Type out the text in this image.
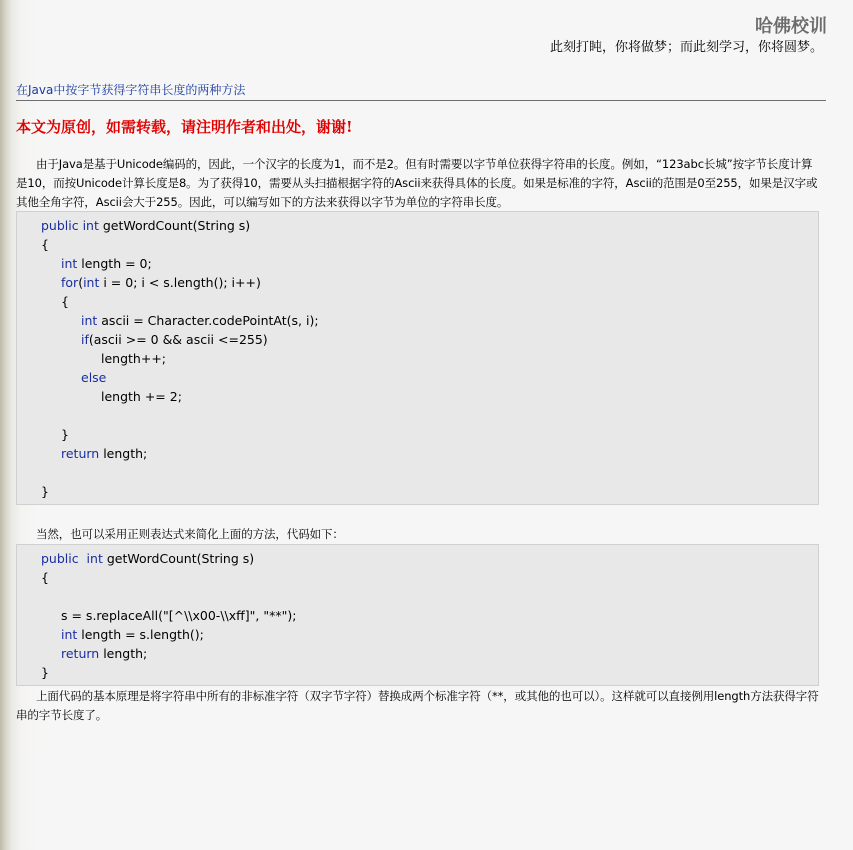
哈佛校训
此刻打盹，你将做梦；而此刻学习，你将圆梦。
在Java中按字节获得字符串长度的两种方法
本文为原创，如需转载，请注明作者和出处，谢谢!

由于Java是基于Unicode编码的，因此，一个汉字的长度为1，而不是2。但有时需要以字节单位获得字符串的长度。例如，“123abc长城”按字节长度计算是10，而按Unicode计算长度是8。为了获得10，需要从头扫描根据字符的Ascii来获得具体的长度。如果是标准的字符，Ascii的范围是0至255，如果是汉字或其他全角字符，Ascii会大于255。因此，可以编写如下的方法来获得以字节为单位的字符串长度。

public int getWordCount(String s)
{
int length = 0;
for(int i = 0; i < s.length(); i++)
{
int ascii = Character.codePointAt(s, i);
if(ascii >= 0 && ascii <=255)
length++;
else
length += 2;
}
return length;
}

当然，也可以采用正则表达式来简化上面的方法，代码如下：

public  int getWordCount(String s)
{
s = s.replaceAll("[^\\x00-\\xff]", "**");
int length = s.length();
return length;
}

上面代码的基本原理是将字符串中所有的非标准字符（双字节字符）替换成两个标准字符（**，或其他的也可以）。这样就可以直接例用length方法获得字符串的字节长度了。
